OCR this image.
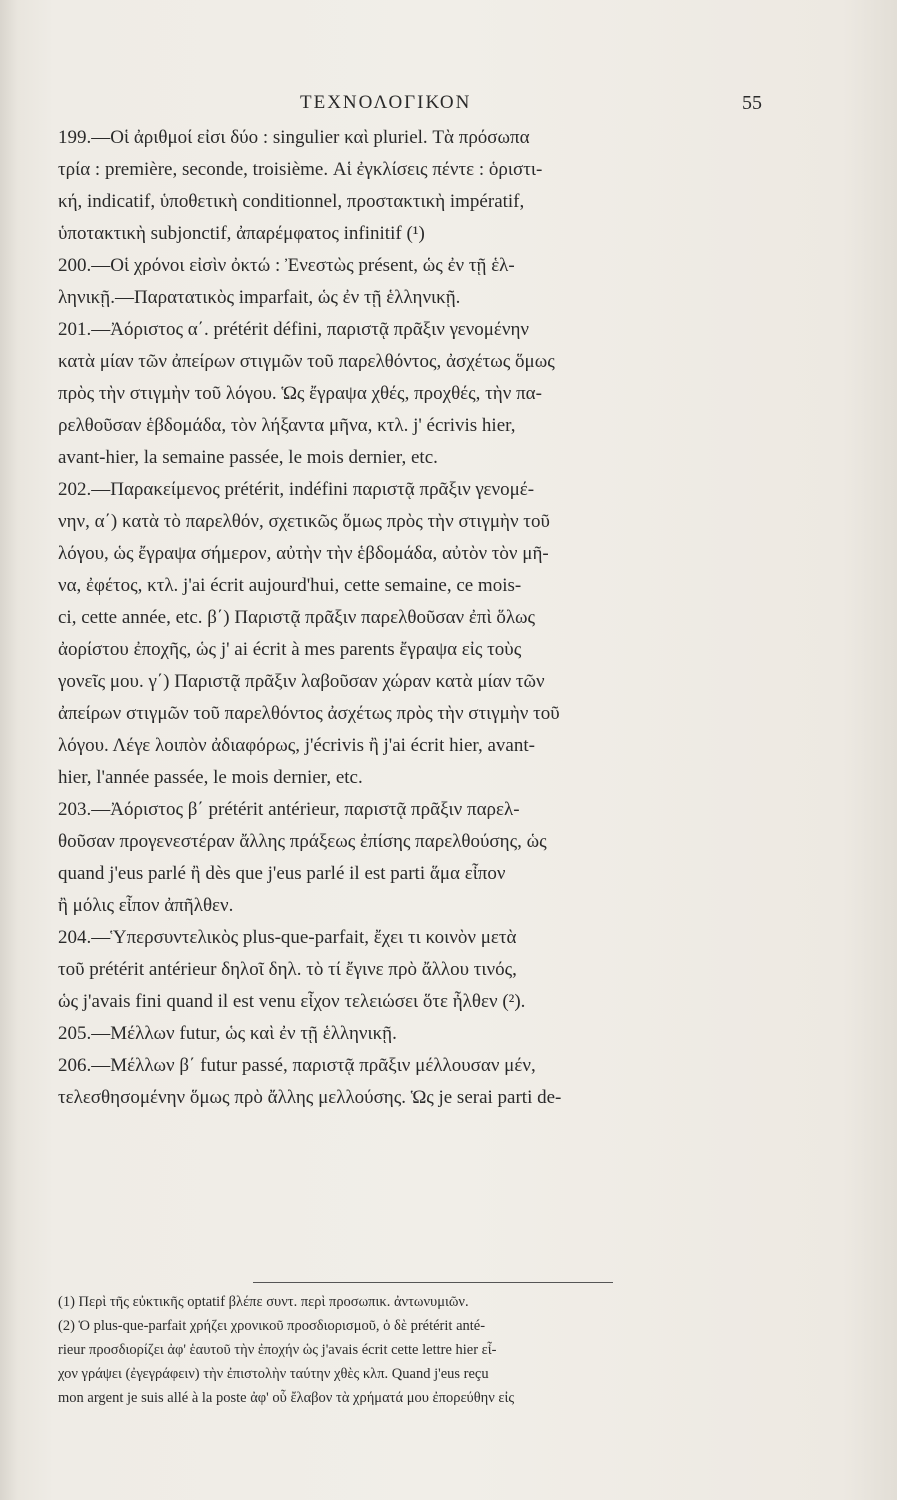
ΤΕΧΝΟΛΟΓΙΚΟΝ	55
199.—Οἱ ἀριθμοί εἰσι δύο : singulier καὶ pluriel. Τὰ πρόσωπα
τρία : première, seconde, troisième. Αἱ ἐγκλίσεις πέντε : ὁριστι-
κή, indicatif, ὑποθετικὴ conditionnel, προστακτικὴ impératif,
ὑποτακτικὴ subjonctif, ἀπαρέμφατος infinitif (¹)
200.—Οἱ χρόνοι εἰσὶν ὀκτώ : Ἐνεστὼς présent, ὡς ἐν τῇ ἑλ-
ληνικῇ.—Παρατατικὸς imparfait, ὡς ἐν τῇ ἑλληνικῇ.
201.—Ἀόριστος α΄. prétérit défini, παριστᾷ πρᾶξιν γενομένην
κατὰ μίαν τῶν ἀπείρων στιγμῶν τοῦ παρελθόντος, ἀσχέτως ὅμως
πρὸς τὴν στιγμὴν τοῦ λόγου. Ὡς ἔγραψα χθές, προχθές, τὴν πα-
ρελθοῦσαν ἑβδομάδα, τὸν λήξαντα μῆνα, κτλ. j' écrivis hier,
avant-hier, la semaine passée, le mois dernier, etc.
202.—Παρακείμενος prétérit, indéfini παριστᾷ πρᾶξιν γενομέ-
νην, α΄) κατὰ τὸ παρελθόν, σχετικῶς ὅμως πρὸς τὴν στιγμὴν τοῦ
λόγου, ὡς ἔγραψα σήμερον, αὐτὴν τὴν ἑβδομάδα, αὐτὸν τὸν μῆ-
να, ἐφέτος, κτλ. j'ai écrit aujourd'hui, cette semaine, ce mois-
ci, cette année, etc. β΄) Παριστᾷ πρᾶξιν παρελθοῦσαν ἐπὶ ὅλως
ἀορίστου ἐποχῆς, ὡς j' ai écrit à mes parents ἔγραψα εἰς τοὺς
γονεῖς μου. γ΄) Παριστᾷ πρᾶξιν λαβοῦσαν χώραν κατὰ μίαν τῶν
ἀπείρων στιγμῶν τοῦ παρελθόντος ἀσχέτως πρὸς τὴν στιγμὴν τοῦ
λόγου. Λέγε λοιπὸν ἀδιαφόρως, j'écrivis ἢ j'ai écrit hier, avant-
hier, l'année passée, le mois dernier, etc.
203.—Ἀόριστος β΄ prétérit antérieur, παριστᾷ πρᾶξιν παρελ-
θοῦσαν προγενεστέραν ἄλλης πράξεως ἐπίσης παρελθούσης, ὡς
quand j'eus parlé ἢ dès que j'eus parlé il est parti ἅμα εἶπον
ἢ μόλις εἶπον ἀπῆλθεν.
204.—Ὑπερσυντελικὸς plus-que-parfait, ἔχει τι κοινὸν μετὰ
τοῦ prétérit antérieur δηλοῖ δηλ. τὸ τί ἔγινε πρὸ ἄλλου τινός,
ὡς j'avais fini quand il est venu εἶχον τελειώσει ὅτε ἦλθεν (²).
205.—Μέλλων futur, ὡς καὶ ἐν τῇ ἑλληνικῇ.
206.—Μέλλων β΄ futur passé, παριστᾷ πρᾶξιν μέλλουσαν μέν,
τελεσθησομένην ὅμως πρὸ ἄλλης μελλούσης. Ὡς je serai parti de-
(1) Περὶ τῆς εὐκτικῆς optatif βλέπε συντ. περὶ προσωπικ. ἀντωνυμιῶν.
(2) Ὁ plus-que-parfait χρήζει χρονικοῦ προσδιορισμοῦ, ὁ δὲ prétérit anté-
rieur προσδιορίζει ἀφ' ἑαυτοῦ τὴν ἐποχήν ὡς j'avais écrit cette lettre hier εἶ-
χον γράψει (ἐγεγράφειν) τὴν ἐπιστολὴν ταύτην χθὲς κλπ. Quand j'eus reçu
mon argent je suis allé à la poste ἀφ' οὗ ἔλαβον τὰ χρήματά μου ἐπορεύθην εἰς
